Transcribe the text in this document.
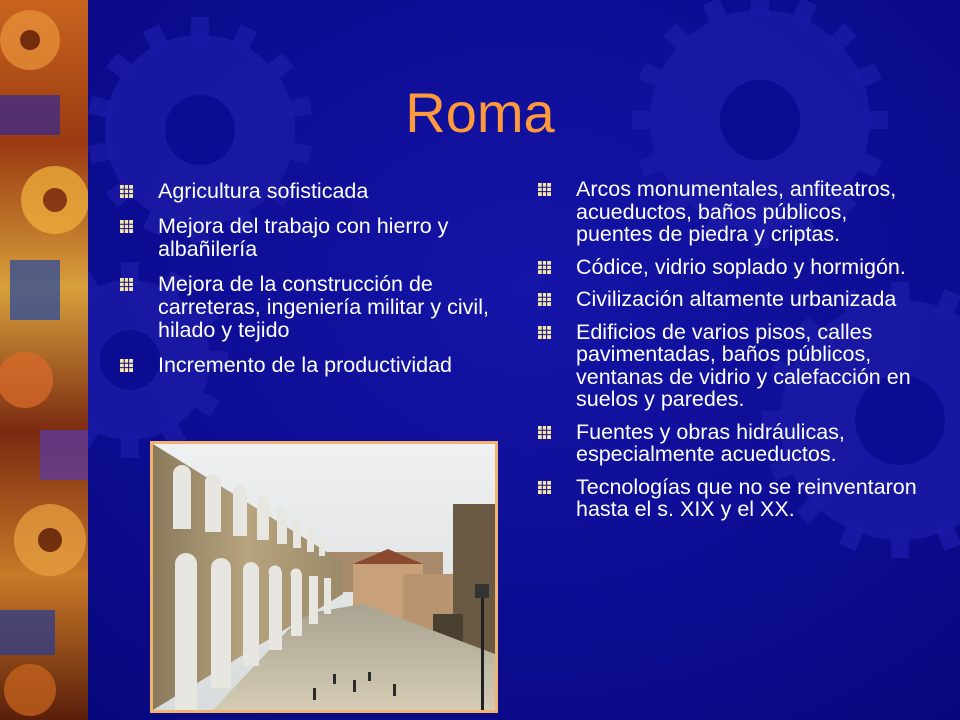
Roma
Agricultura sofisticada
Mejora del trabajo con hierro y albañilería
Mejora de la construcción de carreteras, ingeniería militar y civil, hilado y tejido
Incremento de la productividad
Arcos monumentales, anfiteatros, acueductos, baños públicos, puentes de piedra y criptas.
Códice, vidrio soplado y hormigón.
Civilización altamente urbanizada
Edificios de varios pisos, calles pavimentadas, baños públicos, ventanas de vidrio y calefacción en suelos y paredes.
Fuentes y obras hidráulicas, especialmente acueductos.
Tecnologías que no se reinventaron hasta el s. XIX y el XX.
